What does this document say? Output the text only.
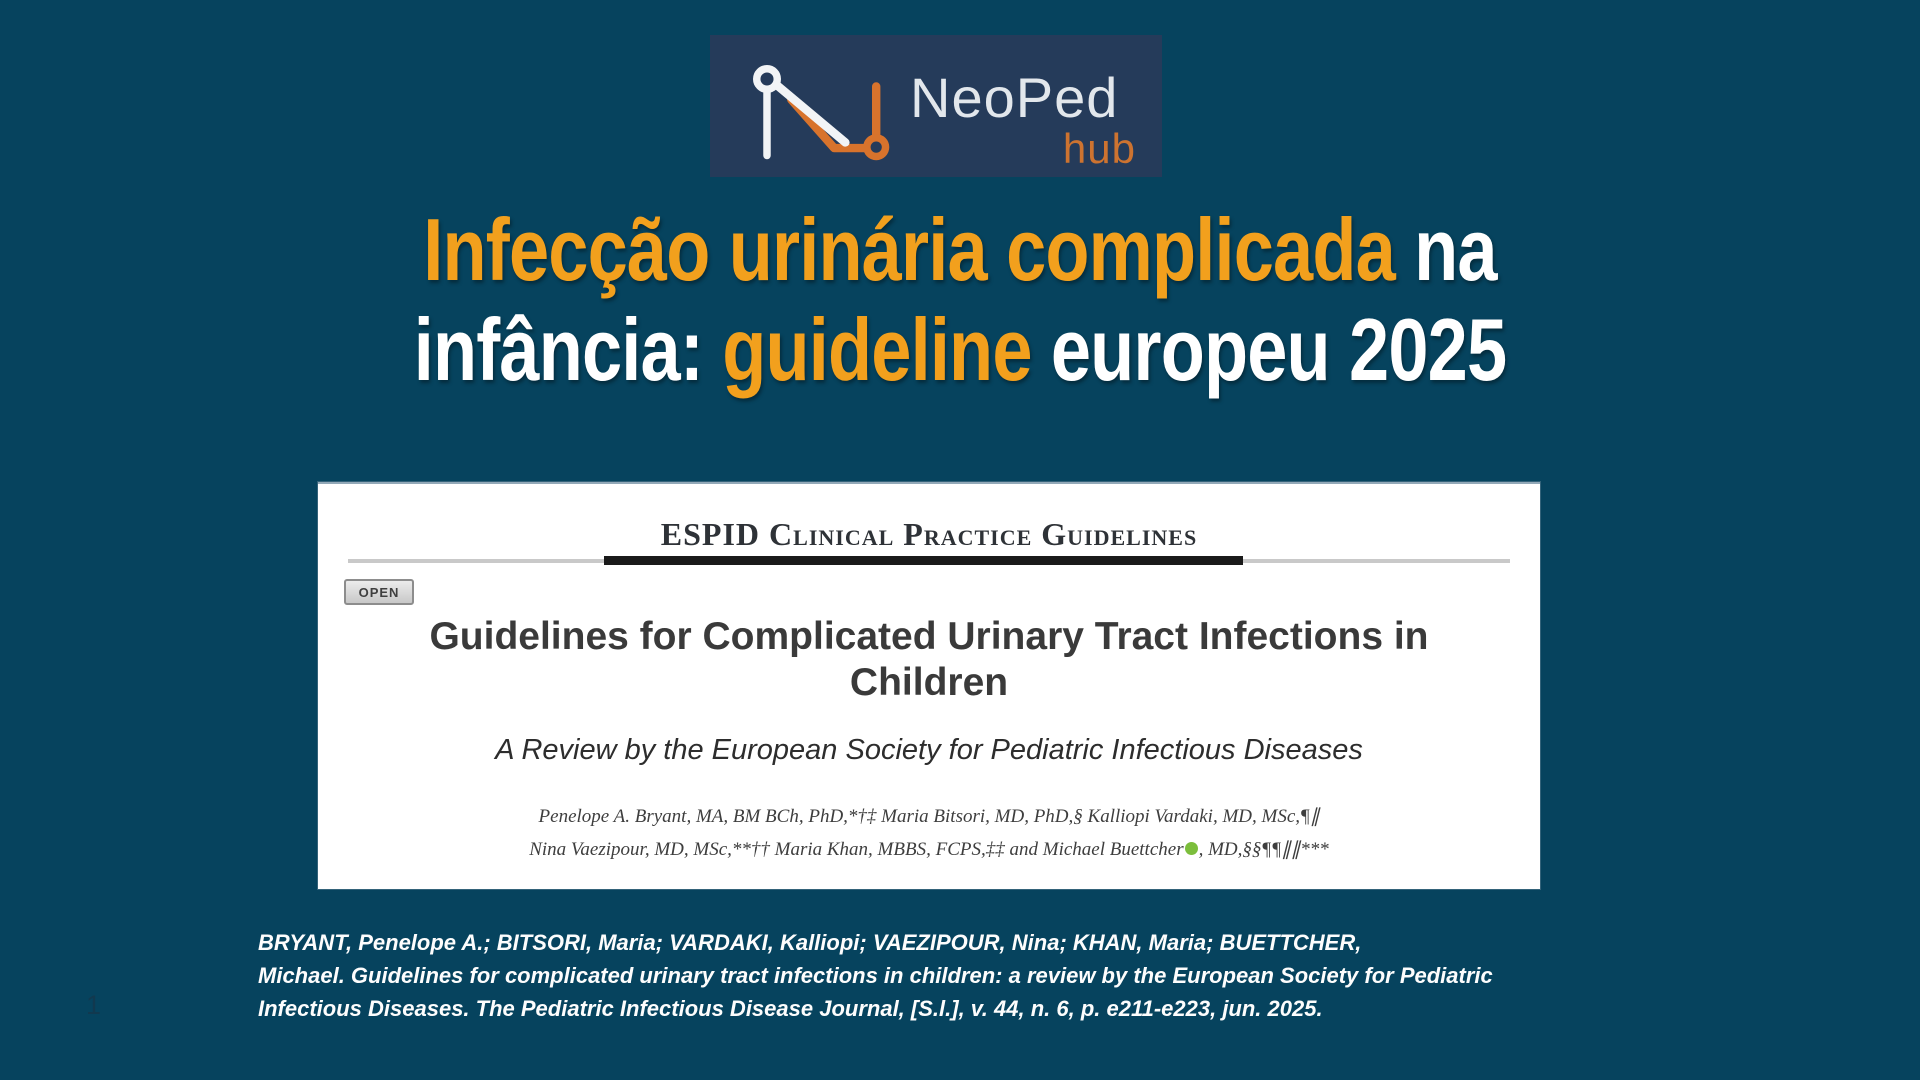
NeoPed
hub
Infecção urinária complicada na
infância: guideline europeu 2025
ESPID Clinical Practice Guidelines
OPEN
Guidelines for Complicated Urinary Tract Infections in Children
A Review by the European Society for Pediatric Infectious Diseases
Penelope A. Bryant, MA, BM BCh, PhD,*†‡ Maria Bitsori, MD, PhD,§ Kalliopi Vardaki, MD, MSc,¶∥
Nina Vaezipour, MD, MSc,**†† Maria Khan, MBBS, FCPS,‡‡ and Michael Buettcher , MD,§§¶¶∥∥***
BRYANT, Penelope A.; BITSORI, Maria; VARDAKI, Kalliopi; VAEZIPOUR, Nina; KHAN, Maria; BUETTCHER,
Michael. Guidelines for complicated urinary tract infections in children: a review by the European Society for Pediatric
Infectious Diseases. The Pediatric Infectious Disease Journal, [S.l.], v. 44, n. 6, p. e211-e223, jun. 2025.
1
